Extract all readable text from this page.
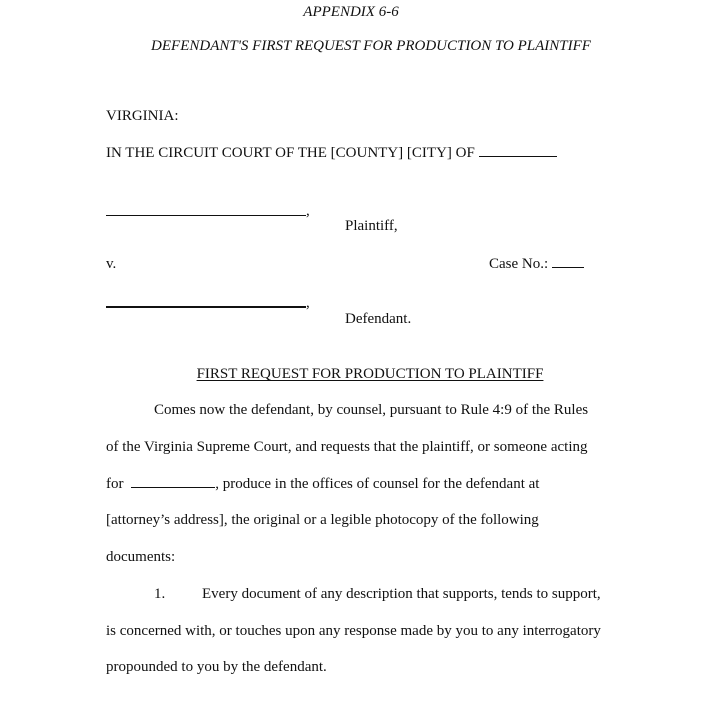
APPENDIX 6-6
DEFENDANT'S FIRST REQUEST FOR PRODUCTION TO PLAINTIFF
VIRGINIA:
IN THE CIRCUIT COURT OF THE [COUNTY] [CITY] OF
,
Plaintiff,
v.	Case No.:
,
Defendant.
FIRST REQUEST FOR PRODUCTION TO PLAINTIFF
Comes now the defendant, by counsel, pursuant to Rule 4:9 of the Rules
of the Virginia Supreme Court, and requests that the plaintiff, or someone acting
for	, produce in the offices of counsel for the defendant at
[attorney’s address], the original or a legible photocopy of the following
documents:
1. Every document of any description that supports, tends to support,
is concerned with, or touches upon any response made by you to any interrogatory
propounded to you by the defendant.
